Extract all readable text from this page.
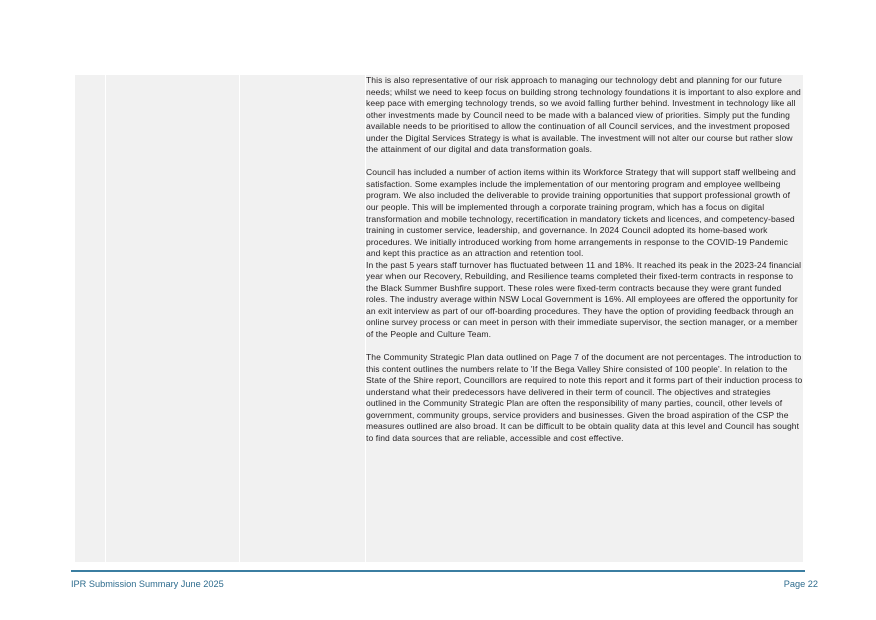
This is also representative of our risk approach to managing our technology debt and planning for our future needs; whilst we need to keep focus on building strong technology foundations it is important to also explore and keep pace with emerging technology trends, so we avoid falling further behind. Investment in technology like all other investments made by Council need to be made with a balanced view of priorities. Simply put the funding available needs to be prioritised to allow the continuation of all Council services, and the investment proposed under the Digital Services Strategy is what is available. The investment will not alter our course but rather slow the attainment of our digital and data transformation goals.

Council has included a number of action items within its Workforce Strategy that will support staff wellbeing and satisfaction. Some examples include the implementation of our mentoring program and employee wellbeing program. We also included the deliverable to provide training opportunities that support professional growth of our people. This will be implemented through a corporate training program, which has a focus on digital transformation and mobile technology, recertification in mandatory tickets and licences, and competency-based training in customer service, leadership, and governance. In 2024 Council adopted its home-based work procedures. We initially introduced working from home arrangements in response to the COVID-19 Pandemic and kept this practice as an attraction and retention tool.

In the past 5 years staff turnover has fluctuated between 11 and 18%. It reached its peak in the 2023-24 financial year when our Recovery, Rebuilding, and Resilience teams completed their fixed-term contracts in response to the Black Summer Bushfire support. These roles were fixed-term contracts because they were grant funded roles. The industry average within NSW Local Government is 16%. All employees are offered the opportunity for an exit interview as part of our off-boarding procedures. They have the option of providing feedback through an online survey process or can meet in person with their immediate supervisor, the section manager, or a member of the People and Culture Team.

The Community Strategic Plan data outlined on Page 7 of the document are not percentages. The introduction to this content outlines the numbers relate to 'If the Bega Valley Shire consisted of 100 people'. In relation to the State of the Shire report, Councillors are required to note this report and it forms part of their induction process to understand what their predecessors have delivered in their term of council. The objectives and strategies outlined in the Community Strategic Plan are often the responsibility of many parties, council, other levels of government, community groups, service providers and businesses. Given the broad aspiration of the CSP the measures outlined are also broad. It can be difficult to be obtain quality data at this level and Council has sought to find data sources that are reliable, accessible and cost effective.

IPR Submission Summary June 2025	Page 22
